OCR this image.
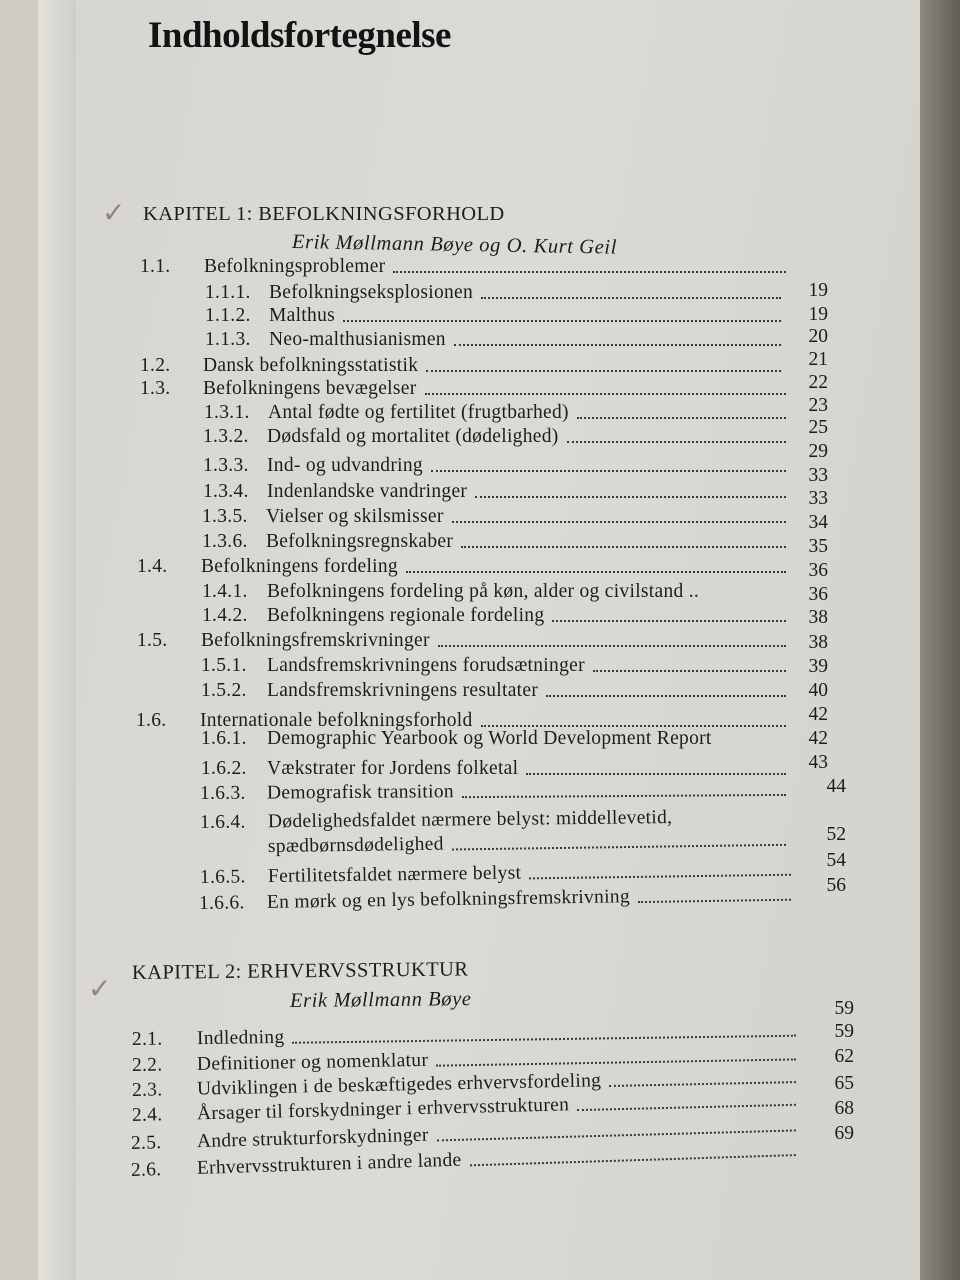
Indholdsfortegnelse
✓ KAPITEL 1: BEFOLKNINGSFORHOLD
Erik Møllmann Bøye og O. Kurt Geil
1.1. Befolkningsproblemer
1.1.1. Befolkningseksplosionen
1.1.2. Malthus
1.1.3. Neo-malthusianismen
1.2. Dansk befolkningsstatistik
1.3. Befolkningens bevægelser
1.3.1. Antal fødte og fertilitet (frugtbarhed)
1.3.2. Dødsfald og mortalitet (dødelighed)
1.3.3. Ind- og udvandring
1.3.4. Indenlandske vandringer
1.3.5. Vielser og skilsmisser
1.3.6. Befolkningsregnskaber
1.4. Befolkningens fordeling
1.4.1. Befolkningens fordeling på køn, alder og civilstand ..
1.4.2. Befolkningens regionale fordeling
1.5. Befolkningsfremskrivninger
1.5.1. Landsfremskrivningens forudsætninger
1.5.2. Landsfremskrivningens resultater
1.6. Internationale befolkningsforhold
1.6.1. Demographic Yearbook og World Development Report
1.6.2. Vækstrater for Jordens folketal
1.6.3. Demografisk transition
1.6.4. Dødelighedsfaldet nærmere belyst: middellevetid,
spædbørnsdødelighed
1.6.5. Fertilitetsfaldet nærmere belyst
1.6.6. En mørk og en lys befolkningsfremskrivning
19
19
20
21
22
23
25
29
33
33
34
35
36
36
38
38
39
40
42
42
43
44
52
54
56
✓
KAPITEL 2: ERHVERVSSTRUKTUR
Erik Møllmann Bøye
2.1. Indledning
2.2. Definitioner og nomenklatur
2.3. Udviklingen i de beskæftigedes erhvervsfordeling
2.4. Årsager til forskydninger i erhvervsstrukturen
2.5. Andre strukturforskydninger
2.6. Erhvervsstrukturen i andre lande
59
59
62
65
68
69
